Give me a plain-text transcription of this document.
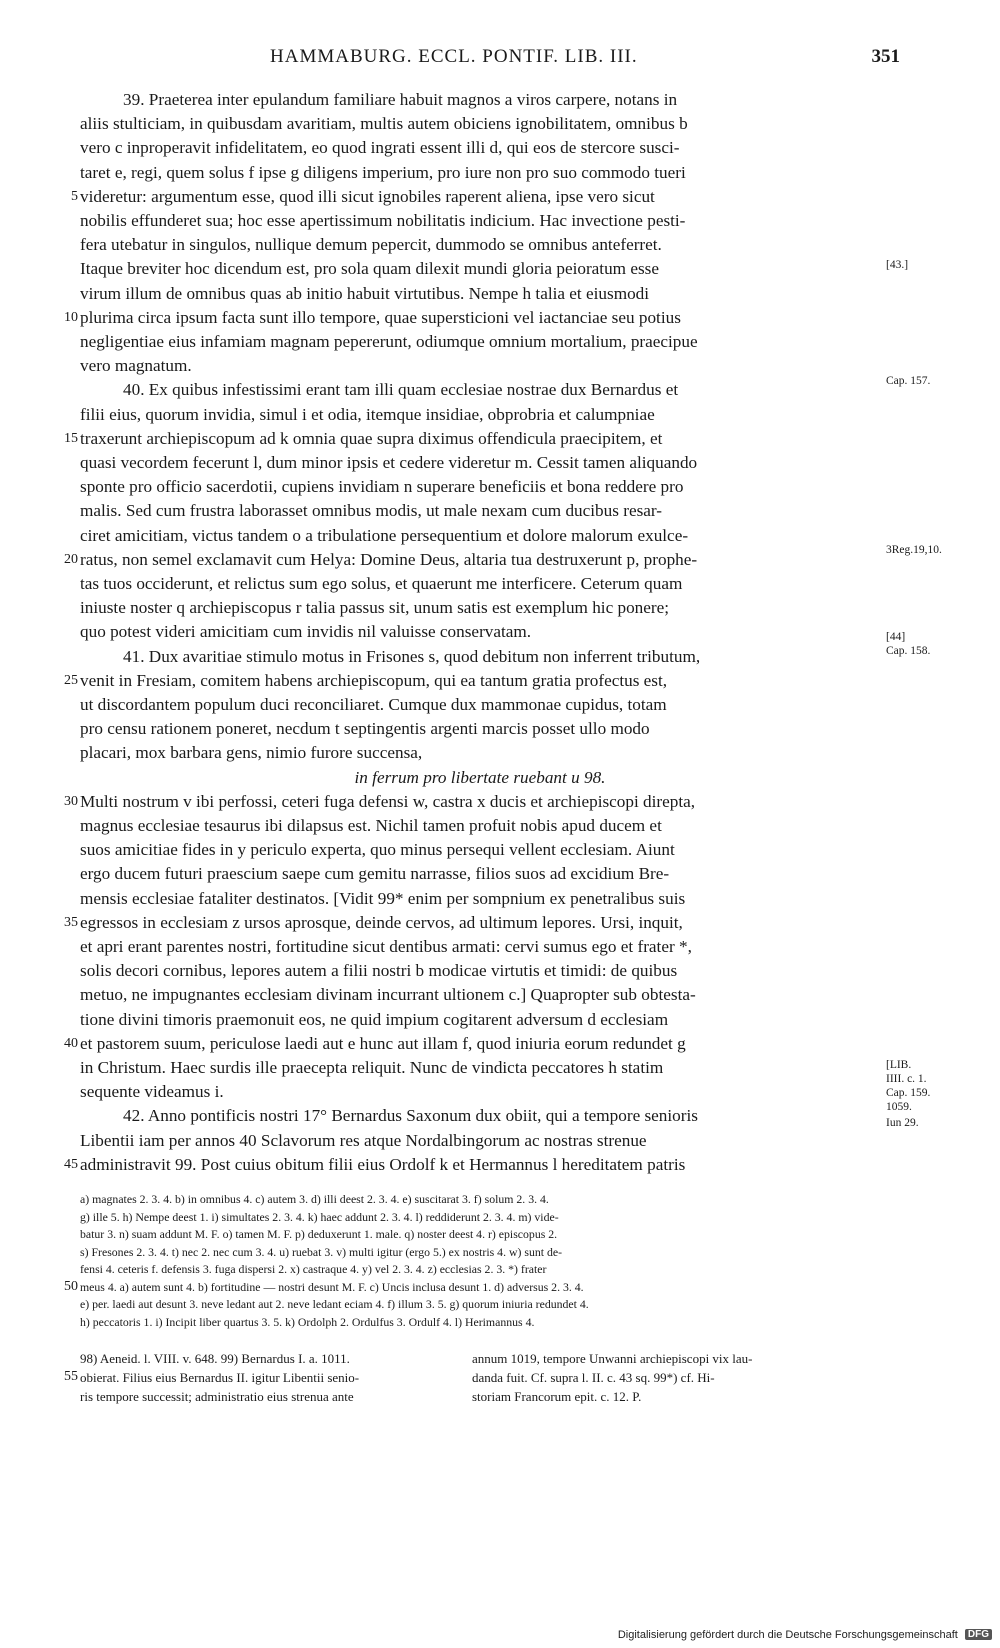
HAMMABURG. ECCL. PONTIF. LIB. III.	351
39. Praeterea inter epulandum familiare habuit magnos a viros carpere, notans in
aliis stulticiam, in quibusdam avaritiam, multis autem obiciens ignobilitatem, omnibus b
vero c inproperavit infidelitatem, eo quod ingrati essent illi d, qui eos de stercore susci-
taret e, regi, quem solus f ipse g diligens imperium, pro iure non pro suo commodo tueri
videretur: argumentum esse, quod illi sicut ignobiles raperent aliena, ipse vero sicut
nobilis effunderet sua; hoc esse apertissimum nobilitatis indicium. Hac invectione pesti-
fera utebatur in singulos, nullique demum pepercit, dummodo se omnibus anteferret.
Itaque breviter hoc dicendum est, pro sola quam dilexit mundi gloria peioratum esse
virum illum de omnibus quas ab initio habuit virtutibus. Nempe h talia et eiusmodi
plurima circa ipsum facta sunt illo tempore, quae supersticioni vel iactanciae seu potius
negligentiae eius infamiam magnam pepererunt, odiumque omnium mortalium, praecipue
vero magnatum.
40. Ex quibus infestissimi erant tam illi quam ecclesiae nostrae dux Bernardus et
filii eius, quorum invidia, simul i et odia, itemque insidiae, obprobria et calumpniae
traxerunt archiepiscopum ad k omnia quae supra diximus offendicula praecipitem, et
quasi vecordem fecerunt l, dum minor ipsis et cedere videretur m. Cessit tamen aliquando
sponte pro officio sacerdotii, cupiens invidiam n superare beneficiis et bona reddere pro
malis. Sed cum frustra laborasset omnibus modis, ut male nexam cum ducibus resar-
ciret amicitiam, victus tandem o a tribulatione persequentium et dolore malorum exulce-
ratus, non semel exclamavit cum Helya: Domine Deus, altaria tua destruxerunt p, prophe-
tas tuos occiderunt, et relictus sum ego solus, et quaerunt me interficere. Ceterum quam
iniuste noster q archiepiscopus r talia passus sit, unum satis est exemplum hic ponere;
quo potest videri amicitiam cum invidis nil valuisse conservatam.
41. Dux avaritiae stimulo motus in Frisones s, quod debitum non inferrent tributum,
venit in Fresiam, comitem habens archiepiscopum, qui ea tantum gratia profectus est,
ut discordantem populum duci reconciliaret. Cumque dux mammonae cupidus, totam
pro censu rationem poneret, necdum t septingentis argenti marcis posset ullo modo
placari, mox barbara gens, nimio furore succensa,
in ferrum pro libertate ruebant u 98.
Multi nostrum v ibi perfossi, ceteri fuga defensi w, castra x ducis et archiepiscopi direpta,
magnus ecclesiae tesaurus ibi dilapsus est. Nichil tamen profuit nobis apud ducem et
suos amicitiae fides in y periculo experta, quo minus persequi vellent ecclesiam. Aiunt
ergo ducem futuri praescium saepe cum gemitu narrasse, filios suos ad excidium Bre-
mensis ecclesiae fataliter destinatos. [Vidit 99* enim per sompnium ex penetralibus suis
egressos in ecclesiam z ursos aprosque, deinde cervos, ad ultimum lepores. Ursi, inquit,
et apri erant parentes nostri, fortitudine sicut dentibus armati: cervi sumus ego et frater *,
solis decori cornibus, lepores autem a filii nostri b modicae virtutis et timidi: de quibus
metuo, ne impugnantes ecclesiam divinam incurrant ultionem c.] Quapropter sub obtesta-
tione divini timoris praemonuit eos, ne quid impium cogitarent adversum d ecclesiam
et pastorem suum, periculose laedi aut e hunc aut illam f, quod iniuria eorum redundet g
in Christum. Haec surdis ille praecepta reliquit. Nunc de vindicta peccatores h statim
sequente videamus i.
42. Anno pontificis nostri 17° Bernardus Saxonum dux obiit, qui a tempore senioris
Libentii iam per annos 40 Sclavorum res atque Nordalbingorum ac nostras strenue
administravit 99. Post cuius obitum filii eius Ordolf k et Hermannus l hereditatem patris
5
10
15
20
25
30
35
40
45
[43.]
Cap. 157.
3Reg.19,10.
[44]
Cap. 158.
[LIB.
IIII. c. 1.
Cap. 159.
1059.
Iun 29.
a) magnates 2. 3. 4. b) in omnibus 4. c) autem 3. d) illi deest 2. 3. 4. e) suscitarat 3. f) solum 2. 3. 4.
g) ille 5. h) Nempe deest 1. i) simultates 2. 3. 4. k) haec addunt 2. 3. 4. l) reddiderunt 2. 3. 4. m) vide-
batur 3. n) suam addunt M. F. o) tamen M. F. p) deduxerunt 1. male. q) noster deest 4. r) episcopus 2.
s) Fresones 2. 3. 4. t) nec 2. nec cum 3. 4. u) ruebat 3. v) multi igitur (ergo 5.) ex nostris 4. w) sunt de-
fensi 4. ceteris f. defensis 3. fuga dispersi 2. x) castraque 4. y) vel 2. 3. 4. z) ecclesias 2. 3. *) frater
meus 4. a) autem sunt 4. b) fortitudine — nostri desunt M. F. c) Uncis inclusa desunt 1. d) adversus 2. 3. 4.
e) per. laedi aut desunt 3. neve ledant aut 2. neve ledant eciam 4. f) illum 3. 5. g) quorum iniuria redundet 4.
h) peccatoris 1. i) Incipit liber quartus 3. 5. k) Ordolph 2. Ordulfus 3. Ordulf 4. l) Herimannus 4.
50
98) Aeneid. l. VIII. v. 648. 99) Bernardus I. a. 1011.
obierat. Filius eius Bernardus II. igitur Libentii senio-
ris tempore successit; administratio eius strenua ante
annum 1019, tempore Unwanni archiepiscopi vix lau-
danda fuit. Cf. supra l. II. c. 43 sq. 99*) cf. Hi-
storiam Francorum epit. c. 12. P.
55
Digitalisierung gefördert durch die Deutsche Forschungsgemeinschaft DFG
